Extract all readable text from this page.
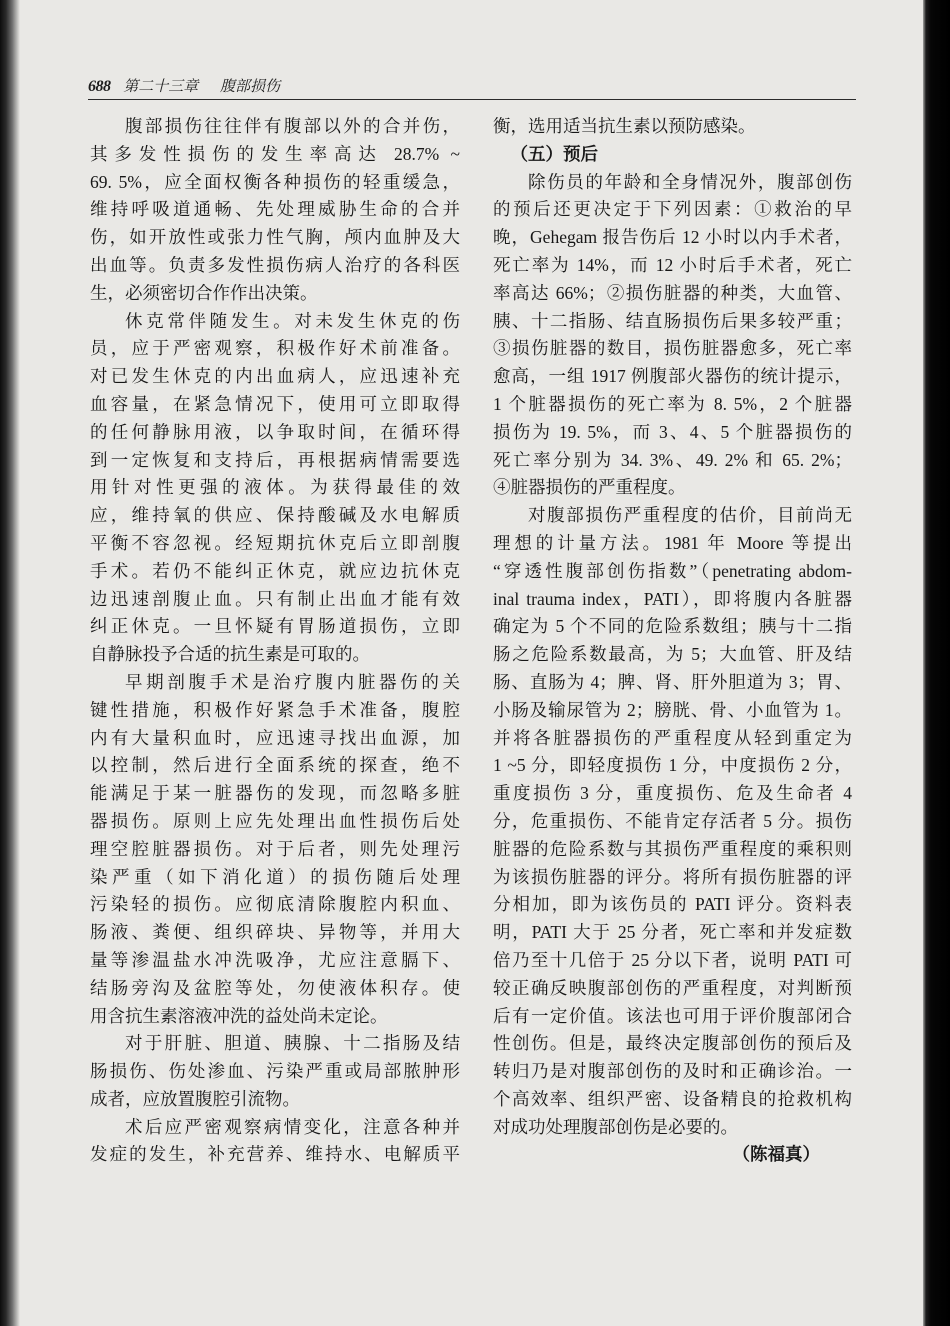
688 第二十三章 腹部损伤
腹部损伤往往伴有腹部以外的合并伤，
其多发性损伤的发生率高达 28.7% ~
69. 5%，应全面权衡各种损伤的轻重缓急，
维持呼吸道通畅、先处理威胁生命的合并
伤，如开放性或张力性气胸，颅内血肿及大
出血等。负责多发性损伤病人治疗的各科医
生，必须密切合作作出决策。
休克常伴随发生。对未发生休克的伤
员，应于严密观察，积极作好术前准备。
对已发生休克的内出血病人，应迅速补充
血容量，在紧急情况下，使用可立即取得
的任何静脉用液，以争取时间，在循环得
到一定恢复和支持后，再根据病情需要选
用针对性更强的液体。为获得最佳的效
应，维持氧的供应、保持酸碱及水电解质
平衡不容忽视。经短期抗休克后立即剖腹
手术。若仍不能纠正休克，就应边抗休克
边迅速剖腹止血。只有制止出血才能有效
纠正休克。一旦怀疑有胃肠道损伤，立即
自静脉投予合适的抗生素是可取的。
早期剖腹手术是治疗腹内脏器伤的关
键性措施，积极作好紧急手术准备，腹腔
内有大量积血时，应迅速寻找出血源，加
以控制，然后进行全面系统的探查，绝不
能满足于某一脏器伤的发现，而忽略多脏
器损伤。原则上应先处理出血性损伤后处
理空腔脏器损伤。对于后者，则先处理污
染严重（如下消化道）的损伤随后处理
污染轻的损伤。应彻底清除腹腔内积血、
肠液、粪便、组织碎块、异物等，并用大
量等渗温盐水冲洗吸净，尤应注意膈下、
结肠旁沟及盆腔等处，勿使液体积存。使
用含抗生素溶液冲洗的益处尚未定论。
对于肝脏、胆道、胰腺、十二指肠及结
肠损伤、伤处渗血、污染严重或局部脓肿形
成者，应放置腹腔引流物。
术后应严密观察病情变化，注意各种并
发症的发生，补充营养、维持水、电解质平
衡，选用适当抗生素以预防感染。
（五）预后
除伤员的年龄和全身情况外，腹部创伤
的预后还更决定于下列因素：①救治的早
晚，Gehegam 报告伤后 12 小时以内手术者，
死亡率为 14%，而 12 小时后手术者，死亡
率高达 66%；②损伤脏器的种类，大血管、
胰、十二指肠、结直肠损伤后果多较严重；
③损伤脏器的数目，损伤脏器愈多，死亡率
愈高，一组 1917 例腹部火器伤的统计提示，
1 个脏器损伤的死亡率为 8. 5%，2 个脏器
损伤为 19. 5%，而 3、4、5 个脏器损伤的
死亡率分别为 34. 3%、49. 2% 和 65. 2%；
④脏器损伤的严重程度。
对腹部损伤严重程度的估价，目前尚无
理想的计量方法。1981 年 Moore 等提出
“穿透性腹部创伤指数”（penetrating abdom-
inal trauma index，PATI），即将腹内各脏器
确定为 5 个不同的危险系数组；胰与十二指
肠之危险系数最高，为 5；大血管、肝及结
肠、直肠为 4；脾、肾、肝外胆道为 3；胃、
小肠及输尿管为 2；膀胱、骨、小血管为 1。
并将各脏器损伤的严重程度从轻到重定为
1 ~5 分，即轻度损伤 1 分，中度损伤 2 分，
重度损伤 3 分，重度损伤、危及生命者 4
分，危重损伤、不能肯定存活者 5 分。损伤
脏器的危险系数与其损伤严重程度的乘积则
为该损伤脏器的评分。将所有损伤脏器的评
分相加，即为该伤员的 PATI 评分。资料表
明，PATI 大于 25 分者，死亡率和并发症数
倍乃至十几倍于 25 分以下者，说明 PATI 可
较正确反映腹部创伤的严重程度，对判断预
后有一定价值。该法也可用于评价腹部闭合
性创伤。但是，最终决定腹部创伤的预后及
转归乃是对腹部创伤的及时和正确诊治。一
个高效率、组织严密、设备精良的抢救机构
对成功处理腹部创伤是必要的。
（陈福真）
